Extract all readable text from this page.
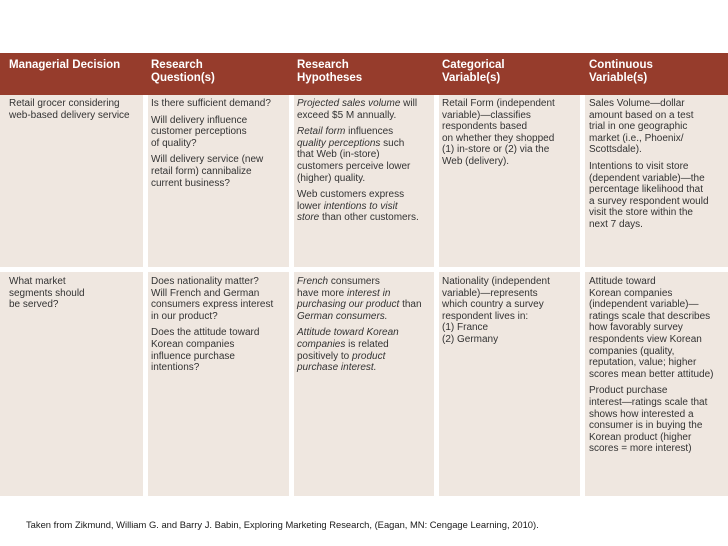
Managerial Decision	Research Question(s)
Research Hypotheses
Categorical Variable(s)
Continuous Variable(s)

Retail grocer considering
web-based delivery service

Is there sufficient demand?

Will delivery influence
customer perceptions
of quality?

Will delivery service (new
retail form) cannibalize
current business?

Projected sales volume will
exceed $5 M annually.

Retail form influences
quality perceptions such
that Web (in-store)
customers perceive lower
(higher) quality.

Web customers express
lower intentions to visit
store than other customers.

Retail Form (independent
variable)—classifies
respondents based
on whether they shopped
(1) in-store or (2) via the
Web (delivery).

Sales Volume—dollar
amount based on a test
trial in one geographic
market (i.e., Phoenix/
Scottsdale).

Intentions to visit store
(dependent variable)—the
percentage likelihood that
a survey respondent would
visit the store within the
next 7 days.

What market
segments should
be served?

Does nationality matter?
Will French and German
consumers express interest
in our product?

Does the attitude toward
Korean companies
influence purchase
intentions?

French consumers
have more interest in
purchasing our product than
German consumers.

Attitude toward Korean
companies is related
positively to product
purchase interest.

Nationality (independent
variable)—represents
which country a survey
respondent lives in:
(1) France
(2) Germany

Attitude toward
Korean companies
(independent variable)—
ratings scale that describes
how favorably survey
respondents view Korean
companies (quality,
reputation, value; higher
scores mean better attitude)

Product purchase
interest—ratings scale that
shows how interested a
consumer is in buying the
Korean product (higher
scores = more interest)

Taken from Zikmund, William G. and Barry J. Babin, Exploring Marketing Research, (Eagan, MN: Cengage Learning, 2010).
